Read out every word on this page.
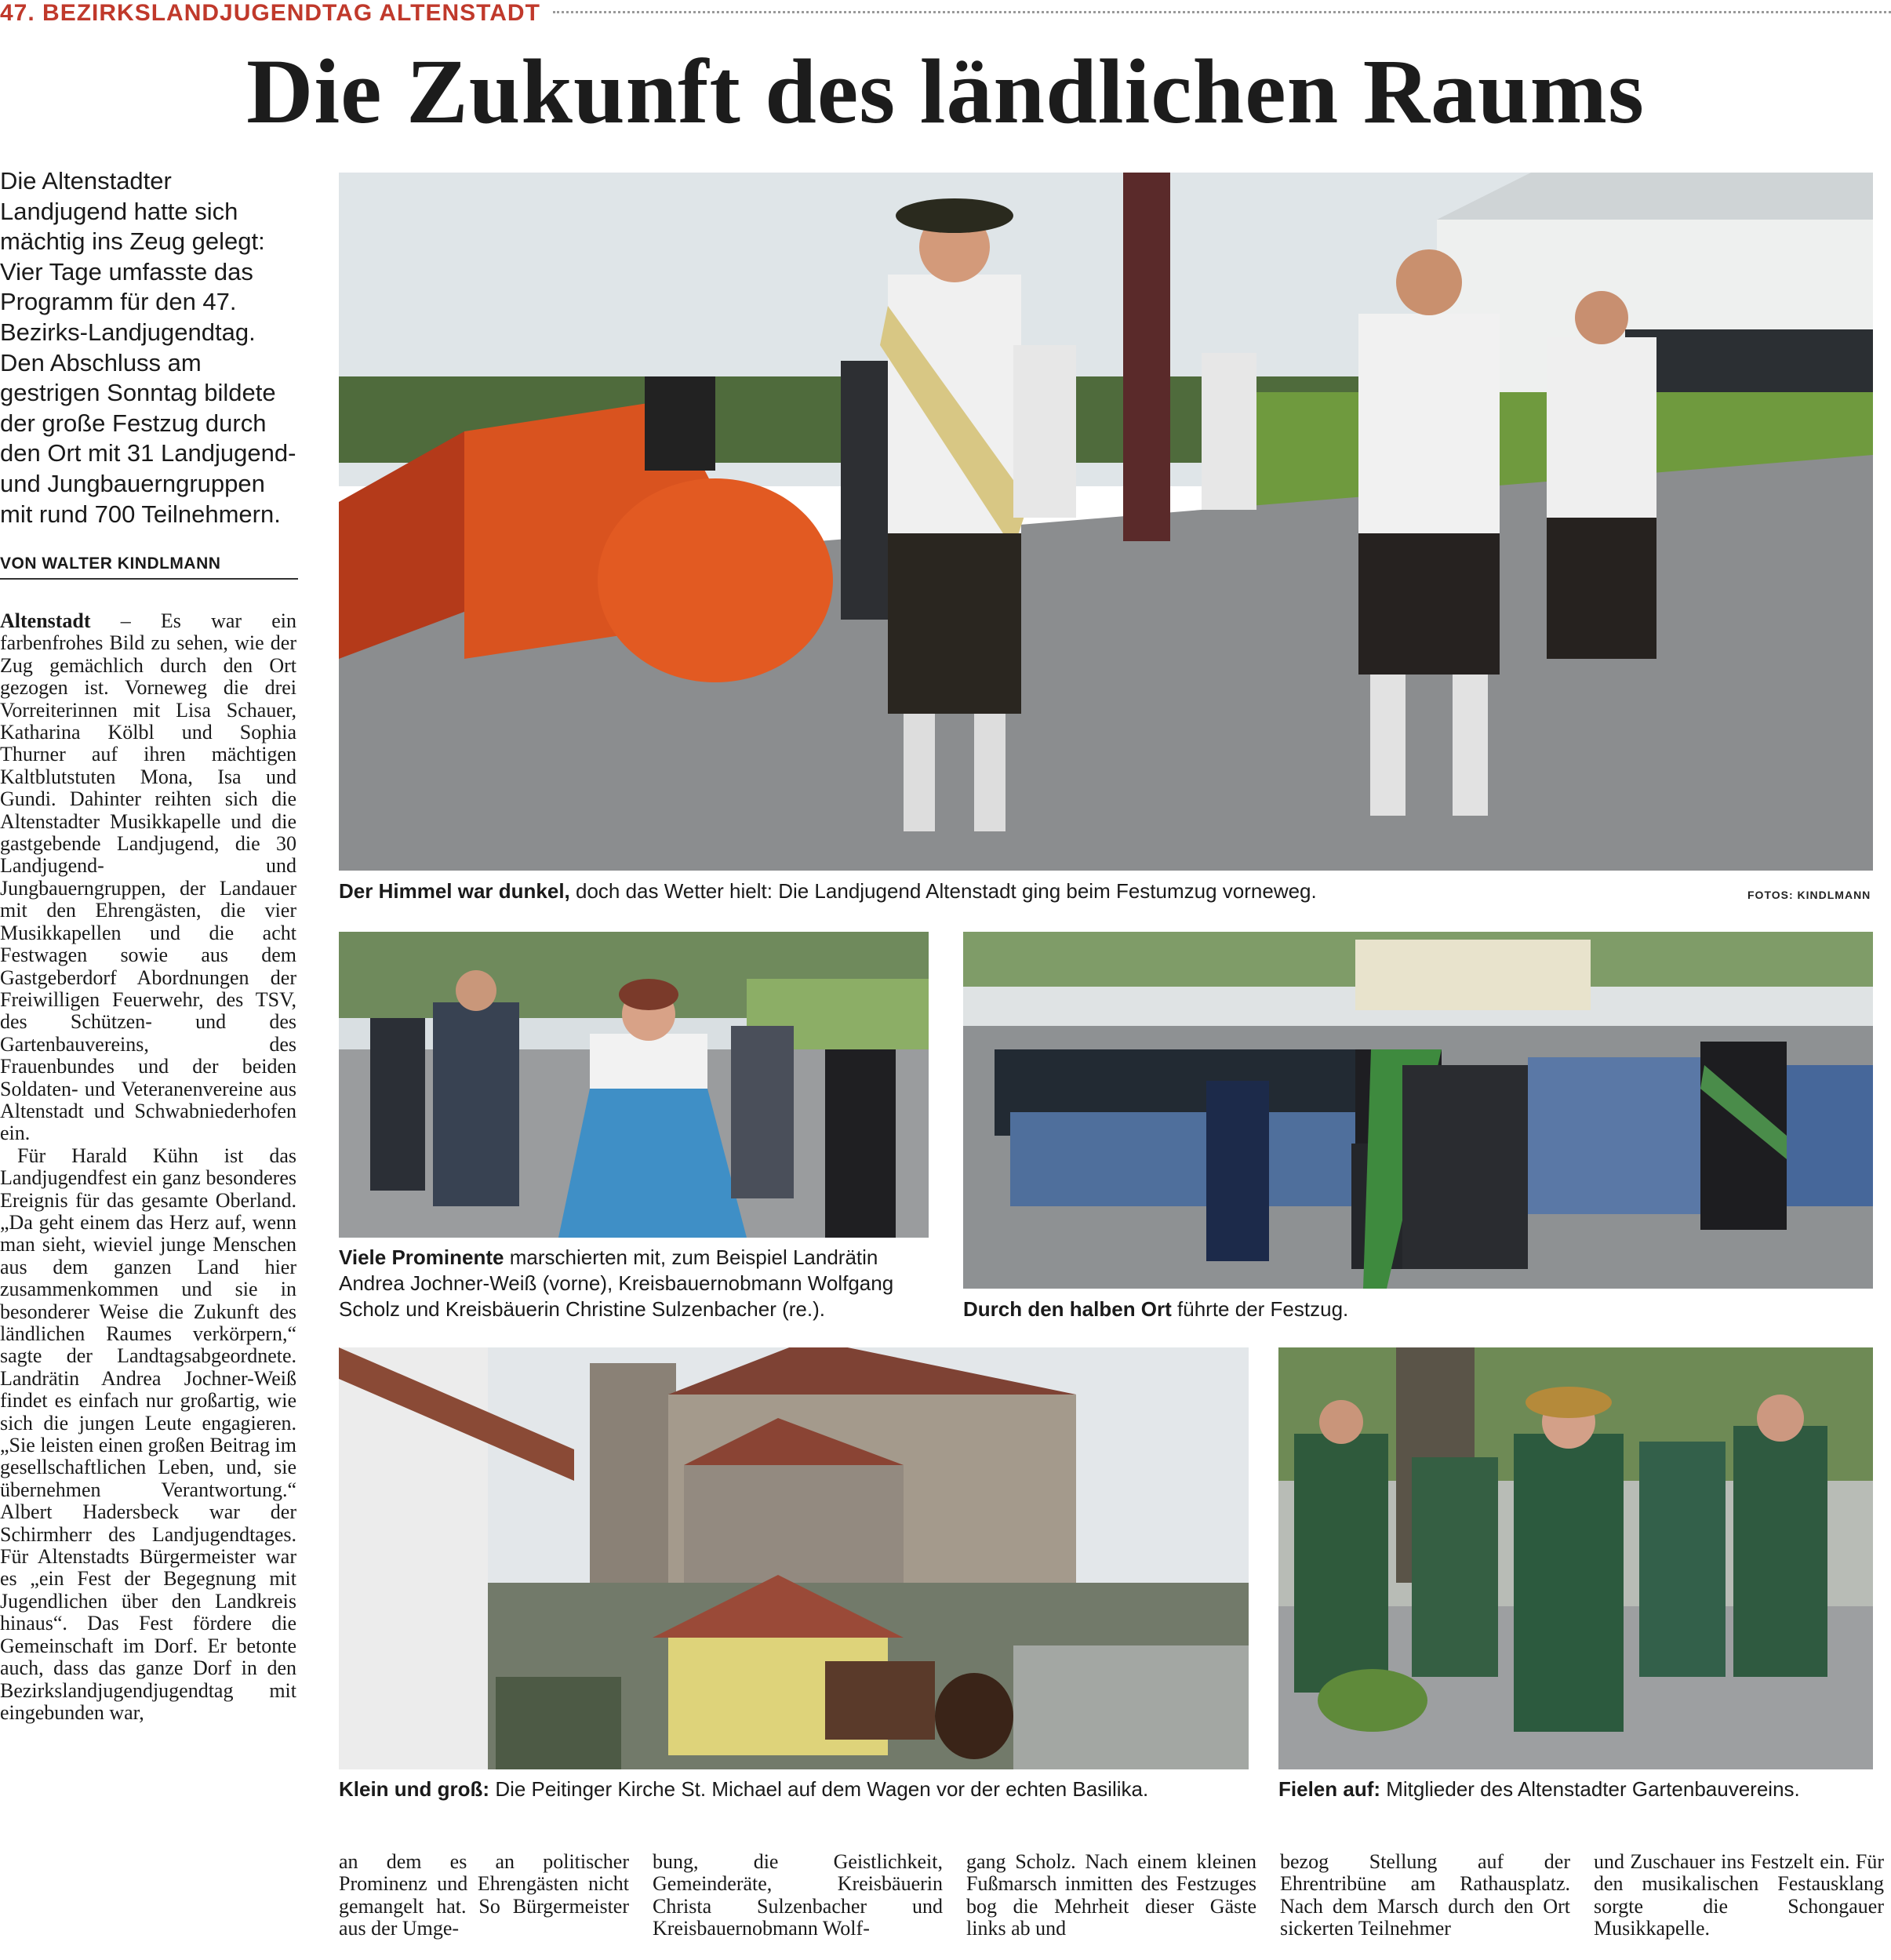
47. BEZIRKSLANDJUGENDTAG ALTENSTADT
Die Zukunft des ländlichen Raums
Die Altenstadter Landjugend hatte sich mächtig ins Zeug gelegt: Vier Tage umfasste das Programm für den 47. Bezirks-Landjugendtag. Den Abschluss am gestrigen Sonntag bildete der große Festzug durch den Ort mit 31 Landjugend- und Jungbauerngruppen mit rund 700 Teilnehmern.
VON WALTER KINDLMANN

Altenstadt – Es war ein farbenfrohes Bild zu sehen, wie der Zug gemächlich durch den Ort gezogen ist. Vorneweg die drei Vorreiterinnen mit Lisa Schauer, Katharina Kölbl und Sophia Thurner auf ihren mächtigen Kaltblutstuten Mona, Isa und Gundi. Dahinter reihten sich die Altenstadter Musikkapelle und die gastgebende Landjugend, die 30 Landjugend- und Jungbauerngruppen, der Landauer mit den Ehrengästen, die vier Musikkapellen und die acht Festwagen sowie aus dem Gastgeberdorf Abordnungen der Freiwilligen Feuerwehr, des TSV, des Schützen- und des Gartenbauvereins, des Frauenbundes und der beiden Soldaten- und Veteranenvereine aus Altenstadt und Schwabniederhofen ein.

Für Harald Kühn ist das Landjugendfest ein ganz besonderes Ereignis für das gesamte Oberland. „Da geht einem das Herz auf, wenn man sieht, wieviel junge Menschen aus dem ganzen Land hier zusammenkommen und sie in besonderer Weise die Zukunft des ländlichen Raumes verkörpern,“ sagte der Landtagsabgeordnete. Landrätin Andrea Jochner-Weiß findet es einfach nur großartig, wie sich die jungen Leute engagieren. „Sie leisten einen großen Beitrag im gesellschaftlichen Leben, und, sie übernehmen Verantwortung.“ Albert Hadersbeck war der Schirmherr des Landjugendtages. Für Altenstadts Bürgermeister war es „ein Fest der Begegnung mit Jugendlichen über den Landkreis hinaus“. Das Fest fördere die Gemeinschaft im Dorf. Er betonte auch, dass das ganze Dorf in den Bezirkslandjugendjugendtag mit eingebunden war,

Der Himmel war dunkel, doch das Wetter hielt: Die Landjugend Altenstadt ging beim Festumzug vorneweg.	FOTOS: KINDLMANN
Viele Prominente marschierten mit, zum Beispiel Landrätin Andrea Jochner-Weiß (vorne), Kreisbauernobmann Wolfgang Scholz und Kreisbäuerin Christine Sulzenbacher (re.).	Durch den halben Ort führte der Festzug.
Klein und groß: Die Peitinger Kirche St. Michael auf dem Wagen vor der echten Basilika.	Fielen auf: Mitglieder des Altenstadter Gartenbauvereins.
an dem es an politischer Prominenz und Ehrengästen nicht gemangelt hat. So Bürgermeister aus der Umge-
bung, die Geistlichkeit, Gemeinderäte, Kreisbäuerin Christa Sulzenbacher und Kreisbauernobmann Wolf-
gang Scholz. Nach einem kleinen Fußmarsch inmitten des Festzuges bog die Mehrheit dieser Gäste links ab und
bezog Stellung auf der Ehrentribüne am Rathausplatz. Nach dem Marsch durch den Ort sickerten Teilnehmer
und Zuschauer ins Festzelt ein. Für den musikalischen Festausklang sorgte die Schongauer Musikkapelle.
